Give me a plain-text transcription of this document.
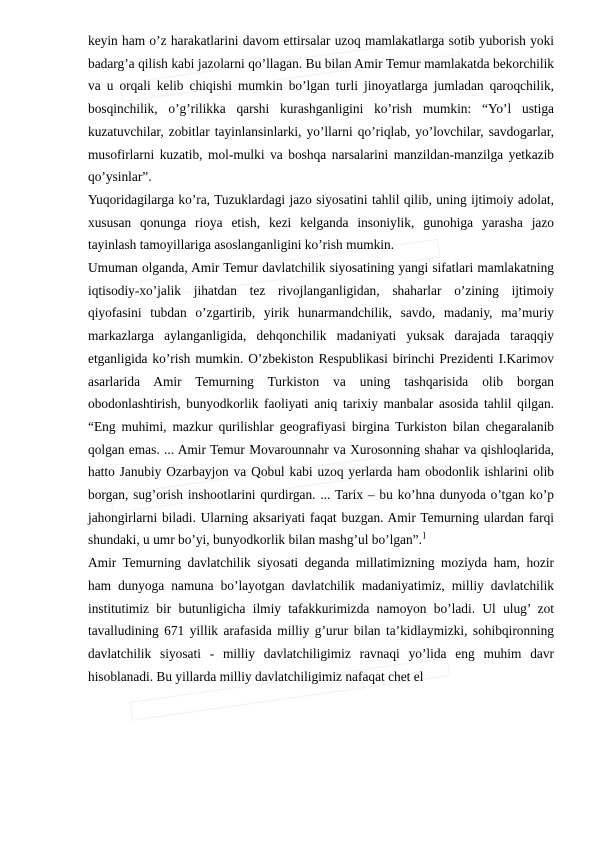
keyin ham o’z harakatlarini davom ettirsalar uzoq mamlakatlarga sotib yuborish yoki badarg’a qilish kabi jazolarni qo’llagan. Bu bilan Amir Temur mamlakatda bekorchilik va u orqali kelib chiqishi mumkin bo’lgan turli jinoyatlarga jumladan qaroqchilik, bosqinchilik, o’g’rilikka qarshi kurashganligini ko’rish mumkin: “Yo’l ustiga kuzatuvchilar, zobitlar tayinlansinlarki, yo’llarni qo’riqlab, yo’lovchilar, savdogarlar, musofirlarni kuzatib, mol-mulki va boshqa narsalarini manzildan-manzilga yetkazib qo’ysinlar”.

Yuqoridagilarga ko’ra, Tuzuklardagi jazo siyosatini tahlil qilib, uning ijtimoiy adolat, xususan qonunga rioya etish, kezi kelganda insoniylik, gunohiga yarasha jazo tayinlash tamoyillariga asoslanganligini ko’rish mumkin.

Umuman olganda, Amir Temur davlatchilik siyosatining yangi sifatlari mamlakatning iqtisodiy-xo’jalik jihatdan tez rivojlanganligidan, shaharlar o’zining ijtimoiy qiyofasini tubdan o’zgartirib, yirik hunarmandchilik, savdo, madaniy, ma’muriy markazlarga aylanganligida, dehqonchilik madaniyati yuksak darajada taraqqiy etganligida ko’rish mumkin. O’zbekiston Respublikasi birinchi Prezidenti I.Karimov asarlarida Amir Temurning Turkiston va uning tashqarisida olib borgan obodonlashtirish, bunyodkorlik faoliyati aniq tarixiy manbalar asosida tahlil qilgan. “Eng muhimi, mazkur qurilishlar geografiyasi birgina Turkiston bilan chegaralanib qolgan emas. ... Amir Temur Movarounnahr va Xurosonning shahar va qishloqlarida, hatto Janubiy Ozarbayjon va Qobul kabi uzoq yerlarda ham obodonlik ishlarini olib borgan, sug’orish inshootlarini qurdirgan. ... Tarix – bu ko’hna dunyoda o’tgan ko’p jahongirlarni biladi. Ularning aksariyati faqat buzgan. Amir Temurning ulardan farqi shundaki, u umr bo’yi, bunyodkorlik bilan mashg’ul bo’lgan”.$^1$

Amir Temurning davlatchilik siyosati deganda millatimizning moziyda ham, hozir ham dunyoga namuna bo’layotgan davlatchilik madaniyatimiz, milliy davlatchilik institutimiz bir butunligicha ilmiy tafakkurimizda namoyon bo’ladi. Ul ulug’ zot tavalludining 671 yillik arafasida milliy g’urur bilan ta’kidlaymizki, sohibqironning davlatchilik siyosati - milliy davlatchiligimiz ravnaqi yo’lida eng muhim davr hisoblanadi. Bu yillarda milliy davlatchiligimiz nafaqat chet el
